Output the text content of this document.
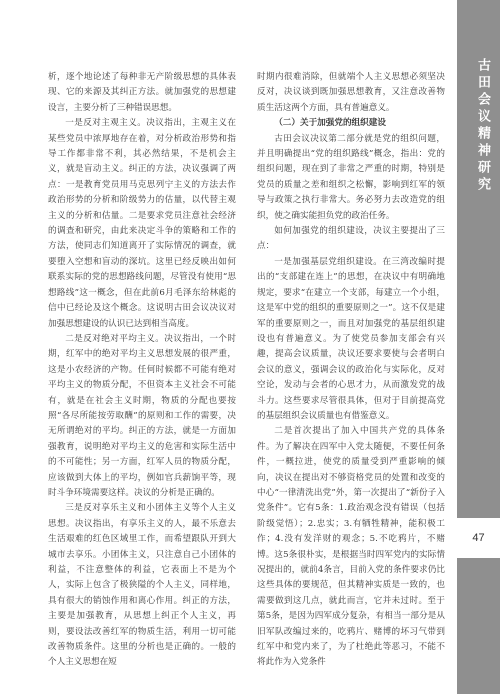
析，逐个地论述了每种非无产阶级思想的具体表现、它的来源及其纠正方法。就加强党的思想建设言，主要分析了三种错误思想。

一是反对主观主义。决议指出，主观主义在某些党员中浓厚地存在着，对分析政治形势和指导工作都非常不利，其必然结果，不是机会主义，就是盲动主义。纠正的方法，决议强调了两点：一是教育党员用马克思列宁主义的方法去作政治形势的分析和阶级势力的估量，以代替主观主义的分析和估量。二是要求党员注意社会经济的调查和研究，由此来决定斗争的策略和工作的方法，使同志们知道离开了实际情况的调查，就要堕入空想和盲动的深坑。这里已经反映出如何联系实际的党的思想路线问题，尽管没有使用“思想路线”这一概念，但在此前6月毛泽东给林彪的信中已经论及这个概念。这说明古田会议决议对加强思想建设的认识已达到相当高度。

二是反对绝对平均主义。决议指出，一个时期，红军中的绝对平均主义思想发展的很严重，这是小农经济的产物。任何时候都不可能有绝对平均主义的物质分配，不但资本主义社会不可能有，就是在社会主义时期，物质的分配也要按照“各尽所能按劳取酬”的原则和工作的需要，决无所谓绝对的平均。纠正的方法，就是一方面加强教育，说明绝对平均主义的危害和实际生活中的不可能性；另一方面，红军人员的物质分配，应该做到大体上的平均，例如官兵薪饷平等，现时斗争环境需要这样。决议的分析是正确的。

三是反对享乐主义和小团体主义等个人主义思想。决议指出，有享乐主义的人，最不乐意去生活艰难的红色区域里工作，而希望跟队开到大城市去享乐。小团体主义，只注意自己小团体的利益，不注意整体的利益，它表面上不是为个人，实际上包含了极狭隘的个人主义，同样地，具有很大的销蚀作用和离心作用。纠正的方法，主要是加强教育，从思想上纠正个人主义，再则，要设法改善红军的物质生活，利用一切可能改善物质条件。这里的分析也是正确的。一般的个人主义思想在短

时期内很难消除，但就端个人主义思想必须坚决反对，决议谈到既加强思想教育，又注意改善物质生活这两个方面，具有普遍意义。

（二）关于加强党的组织建设

古田会议决议第二部分就是党的组织问题，并且明确提出“党的组织路线”概念，指出：党的组织问题，现在到了非常之严重的时期，特别是党员的质量之差和组织之松懈，影响到红军的领导与政策之执行非常大。务必努力去改造党的组织，使之确实能担负党的政治任务。

如何加强党的组织建设，决议主要提出了三点：

一是加强基层党组织建设。在三湾改编时提出的“支部建在连上”的思想，在决议中有明确地规定，要求“在建立一个支部，每建立一个小组，这是军中党的组织的重要原则之一”。这不仅是建军的重要原则之一，而且对加强党的基层组织建设也有普遍意义。为了使党员参加支部会有兴趣，提高会议质量，决议还要求要使与会者明白会议的意义，强调会议的政治化与实际化，反对空论，发动与会者的心思才力，从而激发党的战斗力。这些要求尽管很具体，但对于目前提高党的基层组织会议质量也有借鉴意义。

二是首次提出了加入中国共产党的具体条件。为了解决在四军中入党太随便，不要任何条件，一概拉进，使党的质量受到严重影响的倾向，决议在提出对不够资格党员的处置和改变的中心“一律清洗出党”外，第一次提出了“新份子入党条件”。它有5条：1.政治观念没有错误（包括阶级觉悟）；2.忠实；3.有牺牲精神，能积极工作；4.没有发洋财的观念；5.不吃鸦片，不赌博。这5条很朴实，是根据当时四军党内的实际情况提出的，就前4条言，目前入党的条件要求仍比这些具体的要规范，但其精神实质是一致的，也需要做到这几点，就此而言，它并未过时。至于第5条，是因为四军成分复杂，有相当一部分是从旧军队改编过来的，吃鸦片、赌博的坏习气带到红军中和党内来了，为了杜绝此等恶习，不能不将此作为入党条件

古田会议精神研究
47
